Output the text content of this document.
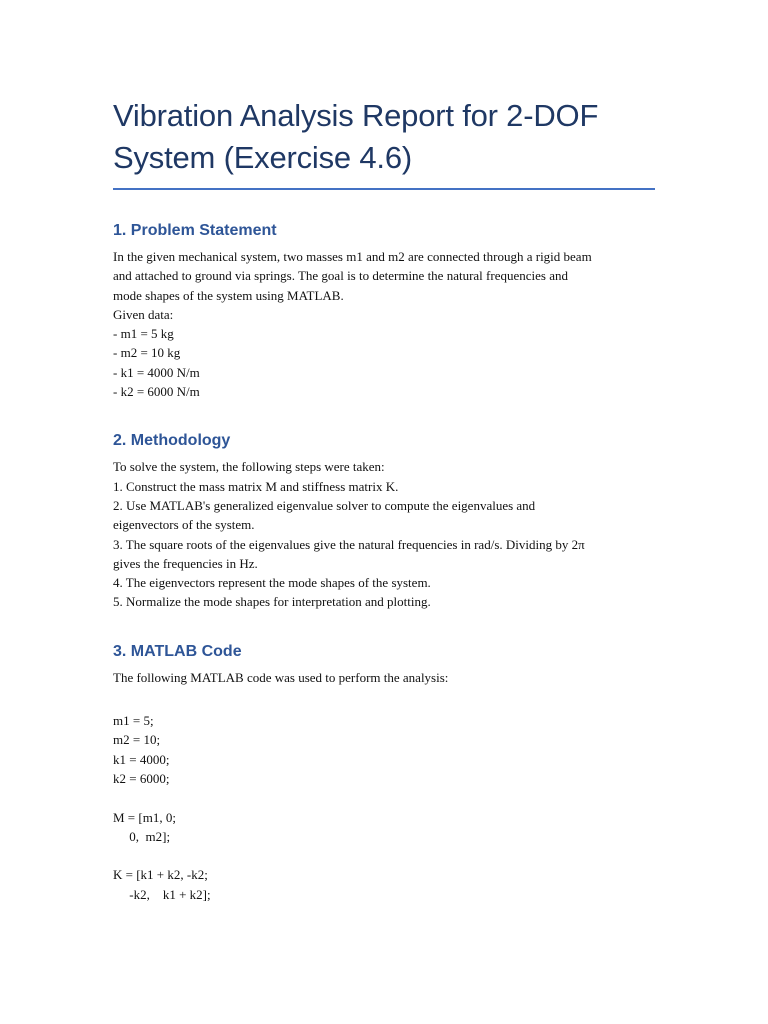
Vibration Analysis Report for 2-DOF
System (Exercise 4.6)
1. Problem Statement
In the given mechanical system, two masses m1 and m2 are connected through a rigid beam
and attached to ground via springs. The goal is to determine the natural frequencies and
mode shapes of the system using MATLAB.
Given data:
- m1 = 5 kg
- m2 = 10 kg
- k1 = 4000 N/m
- k2 = 6000 N/m
2. Methodology
To solve the system, the following steps were taken:
1. Construct the mass matrix M and stiffness matrix K.
2. Use MATLAB's generalized eigenvalue solver to compute the eigenvalues and
eigenvectors of the system.
3. The square roots of the eigenvalues give the natural frequencies in rad/s. Dividing by 2π
gives the frequencies in Hz.
4. The eigenvectors represent the mode shapes of the system.
5. Normalize the mode shapes for interpretation and plotting.
3. MATLAB Code
The following MATLAB code was used to perform the analysis:
m1 = 5;
m2 = 10;
k1 = 4000;
k2 = 6000;
M = [m1, 0;
0,  m2];
K = [k1 + k2, -k2;
-k2,    k1 + k2];
